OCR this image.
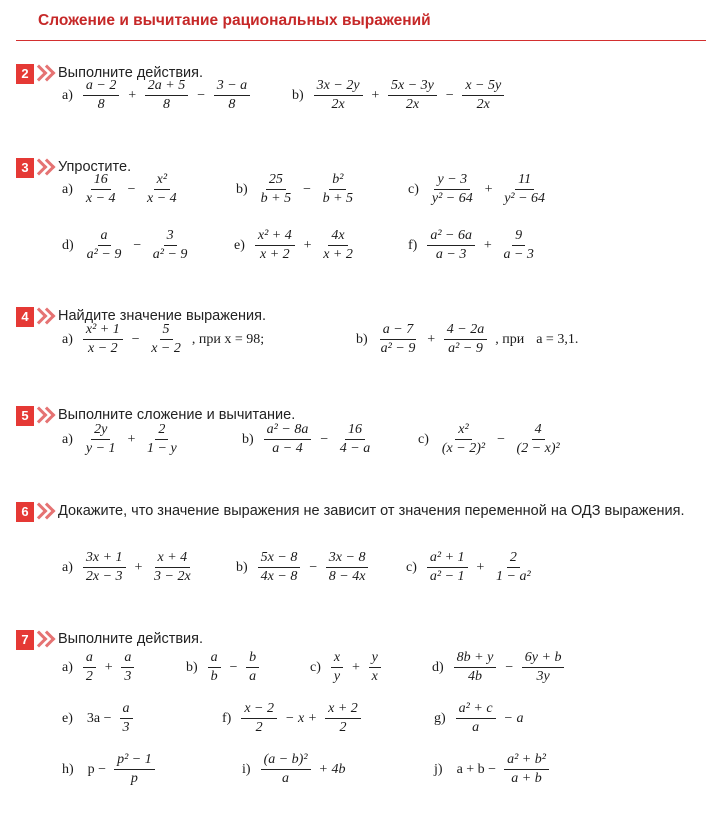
Сложение и вычитание рациональных выражений
2	Выполните действия.
$a) \frac{a - 2}{8} + \frac{2a + 5}{8} - \frac{3 - a}{8}$	$b) \frac{3x - 2y}{2x} + \frac{5x - 3y}{2x} - \frac{x - 5y}{2x}$
3	Упростите.
$a) \frac{16}{x - 4} - \frac{\text{x²}}{x - 4}$	$b) \frac{25}{b + 5} - \frac{\text{b²}}{b + 5}$	$c) \frac{y - 3}{\text{y² − 64}} + \frac{11}{\text{y² − 64}}$
$d) \frac{a}{\text{a² − 9}} - \frac{3}{\text{a² − 9}}$	$e) \frac{\text{x² + 4}}{x + 2} + \frac{4x}{x + 2}$	$f) \frac{\text{a² − 6a}}{a - 3} + \frac{9}{a - 3}$
4	Найдите значение выражения.
$a) \frac{\text{x² + 1}}{x - 2} - \frac{5}{x - 2}$ , при x = 98;	$b) \frac{a - 7}{\text{a² − 9}} + \frac{4 - 2a}{\text{a² − 9}}$ , при a = 3,1.
5	Выполните сложение и вычитание.
$a) \frac{2y}{y - 1} + \frac{2}{1 - y}$	$b) \frac{\text{a² − 8a}}{a - 4} - \frac{16}{4 - a}$	$c) \frac{\text{x²}}{\text{(x − 2)²}} - \frac{4}{\text{(2 − x)²}}$
6	Докажите, что значение выражения не зависит от значения переменной на ОДЗ выражения.
$a) \frac{3x + 1}{2x - 3} + \frac{x + 4}{3 - 2x}$	$b) \frac{5x - 8}{4x - 8} - \frac{3x - 8}{8 - 4x}$	$c) \frac{\text{a² + 1}}{\text{a² − 1}} + \frac{2}{\text{1 − a²}}$
7	Выполните действия.
$a) \frac{a}{2} + \frac{a}{3}$	$b) \frac{a}{b} - \frac{b}{a}$	$c) \frac{x}{y} + \frac{y}{x}$	$d) \frac{8b + y}{4b} - \frac{6y + b}{3y}$
e) $3a - \frac{a}{3}$	$f) \frac{x - 2}{2} - x + \frac{x + 2}{2}$	$g) \frac{\text{a² + c}}{a} - a$
h) $p - \frac{\text{p² − 1}}{p}$	$i) \frac{\text{(a − b)²}}{a} + 4b$	j) $a + b - \frac{\text{a² + b²}}{a + b}$
